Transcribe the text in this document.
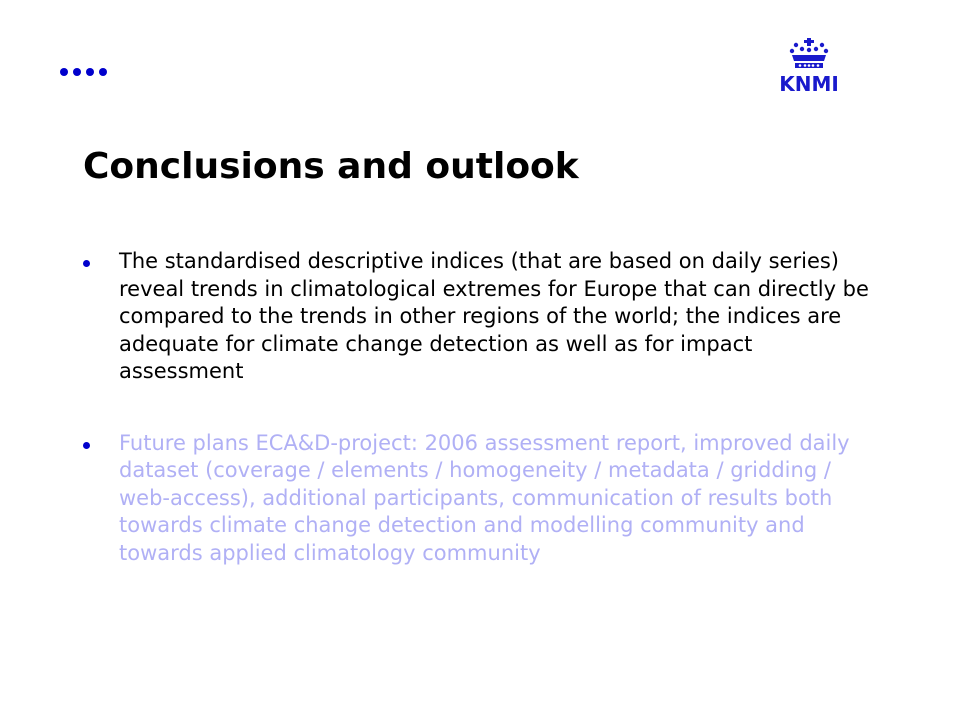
KNMI
Conclusions and outlook
The standardised descriptive indices (that are based on daily series) reveal trends in climatological extremes for Europe that can directly be compared to the trends in other regions of the world; the indices are adequate for climate change detection as well as for impact assessment
Future plans ECA&D-project: 2006 assessment report, improved daily dataset (coverage / elements / homogeneity / metadata / gridding / web-access), additional participants, communication of results both towards climate change detection and modelling community and towards applied climatology community
